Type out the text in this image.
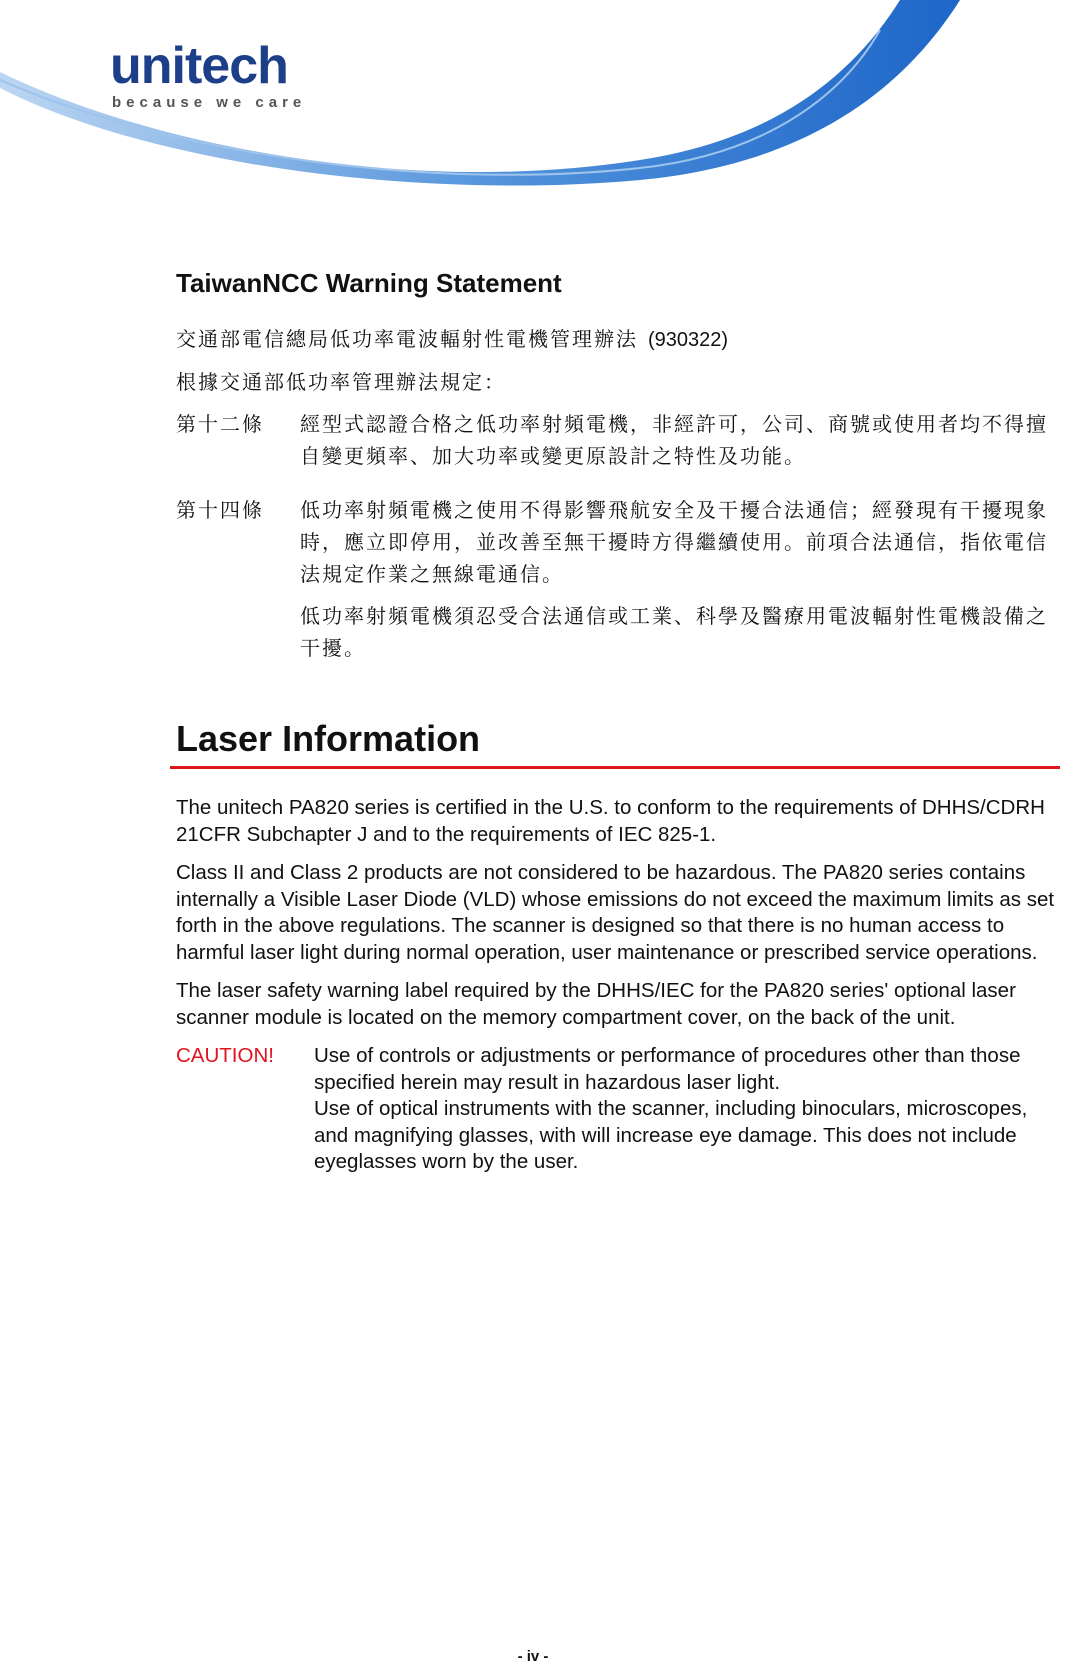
unitech
because we care
TaiwanNCC Warning Statement
交通部電信總局低功率電波輻射性電機管理辦法 (930322)
根據交通部低功率管理辦法規定：
第十二條	經型式認證合格之低功率射頻電機，非經許可，公司、商號或使用者均不得擅自變更頻率、加大功率或變更原設計之特性及功能。

第十四條	低功率射頻電機之使用不得影響飛航安全及干擾合法通信；經發現有干擾現象時，應立即停用，並改善至無干擾時方得繼續使用。前項合法通信，指依電信法規定作業之無線電通信。

低功率射頻電機須忍受合法通信或工業、科學及醫療用電波輻射性電機設備之干擾。

Laser Information

The unitech PA820 series is certified in the U.S. to conform to the requirements of DHHS/CDRH 21CFR Subchapter J and to the requirements of IEC 825-1.

Class II and Class 2 products are not considered to be hazardous. The PA820 series contains internally a Visible Laser Diode (VLD) whose emissions do not exceed the maximum limits as set forth in the above regulations. The scanner is designed so that there is no human access to harmful laser light during normal operation, user maintenance or prescribed service operations.

The laser safety warning label required by the DHHS/IEC for the PA820 series' optional laser scanner module is located on the memory compartment cover, on the back of the unit.

CAUTION!	Use of controls or adjustments or performance of procedures other than those specified herein may result in hazardous laser light.
Use of optical instruments with the scanner, including binoculars, microscopes, and magnifying glasses, with will increase eye damage. This does not include eyeglasses worn by the user.
- iv -
